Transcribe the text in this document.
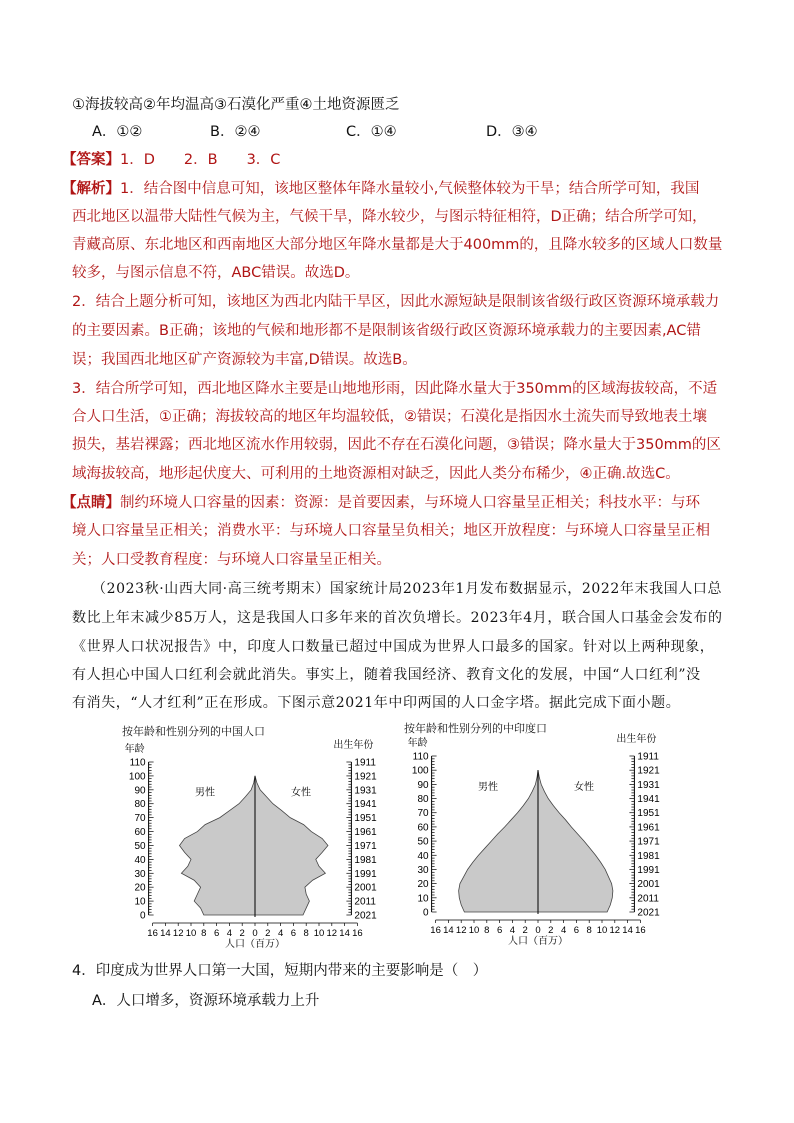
①海拔较高②年均温高③石漠化严重④土地资源匮乏
A．①②	B．②④	C．①④	D．③④
【答案】1．D　　2．B　　3．C
【解析】1．结合图中信息可知，该地区整体年降水量较小,气候整体较为干旱；结合所学可知，我国
西北地区以温带大陆性气候为主，气候干旱，降水较少，与图示特征相符，D正确；结合所学可知，
青藏高原、东北地区和西南地区大部分地区年降水量都是大于400mm的，且降水较多的区域人口数量
较多，与图示信息不符，ABC错误。故选D。
2．结合上题分析可知，该地区为西北内陆干旱区，因此水源短缺是限制该省级行政区资源环境承载力
的主要因素。B正确；该地的气候和地形都不是限制该省级行政区资源环境承载力的主要因素,AC错
误；我国西北地区矿产资源较为丰富,D错误。故选B。
3．结合所学可知，西北地区降水主要是山地地形雨，因此降水量大于350mm的区域海拔较高，不适
合人口生活，①正确；海拔较高的地区年均温较低，②错误；石漠化是指因水土流失而导致地表土壤
损失，基岩裸露；西北地区流水作用较弱，因此不存在石漠化问题，③错误；降水量大于350mm的区
域海拔较高，地形起伏度大、可利用的土地资源相对缺乏，因此人类分布稀少，④正确.故选C。
【点睛】制约环境人口容量的因素：资源：是首要因素，与环境人口容量呈正相关；科技水平：与环
境人口容量呈正相关；消费水平：与环境人口容量呈负相关；地区开放程度：与环境人口容量呈正相
关；人口受教育程度：与环境人口容量呈正相关。
（2023秋·山西大同·高三统考期末）国家统计局2023年1月发布数据显示，2022年末我国人口总
数比上年末减少85万人，这是我国人口多年来的首次负增长。2023年4月，联合国人口基金会发布的
《世界人口状况报告》中，印度人口数量已超过中国成为世界人口最多的国家。针对以上两种现象，
有人担心中国人口红利会就此消失。事实上，随着我国经济、教育文化的发展，中国“人口红利”没
有消失，“人才红利”正在形成。下图示意2021年中印两国的人口金字塔。据此完成下面小题。
按年龄和性别分列的中国人口
年龄	出生年份
男性	女性
110
100
90
80
70
60
50
40
30
20
10
0
1911
1921
1931
1941
1951
1961
1971
1981
1991
2001
2011
2021
16 14 12 10 8 6 4 2 0 2 4 6 8 10 12 14 16
人口（百万）
按年龄和性别分列的中印度口
年龄	出生年份
男性	女性
110
100
90
80
70
60
50
40
30
20
10
0
1911
1921
1931
1941
1951
1961
1971
1981
1991
2001
2011
2021
16 14 12 10 8 6 4 2 0 2 4 6 8 10 12 14 16
人口（百万）
4．印度成为世界人口第一大国，短期内带来的主要影响是（　）
A．人口增多，资源环境承载力上升
